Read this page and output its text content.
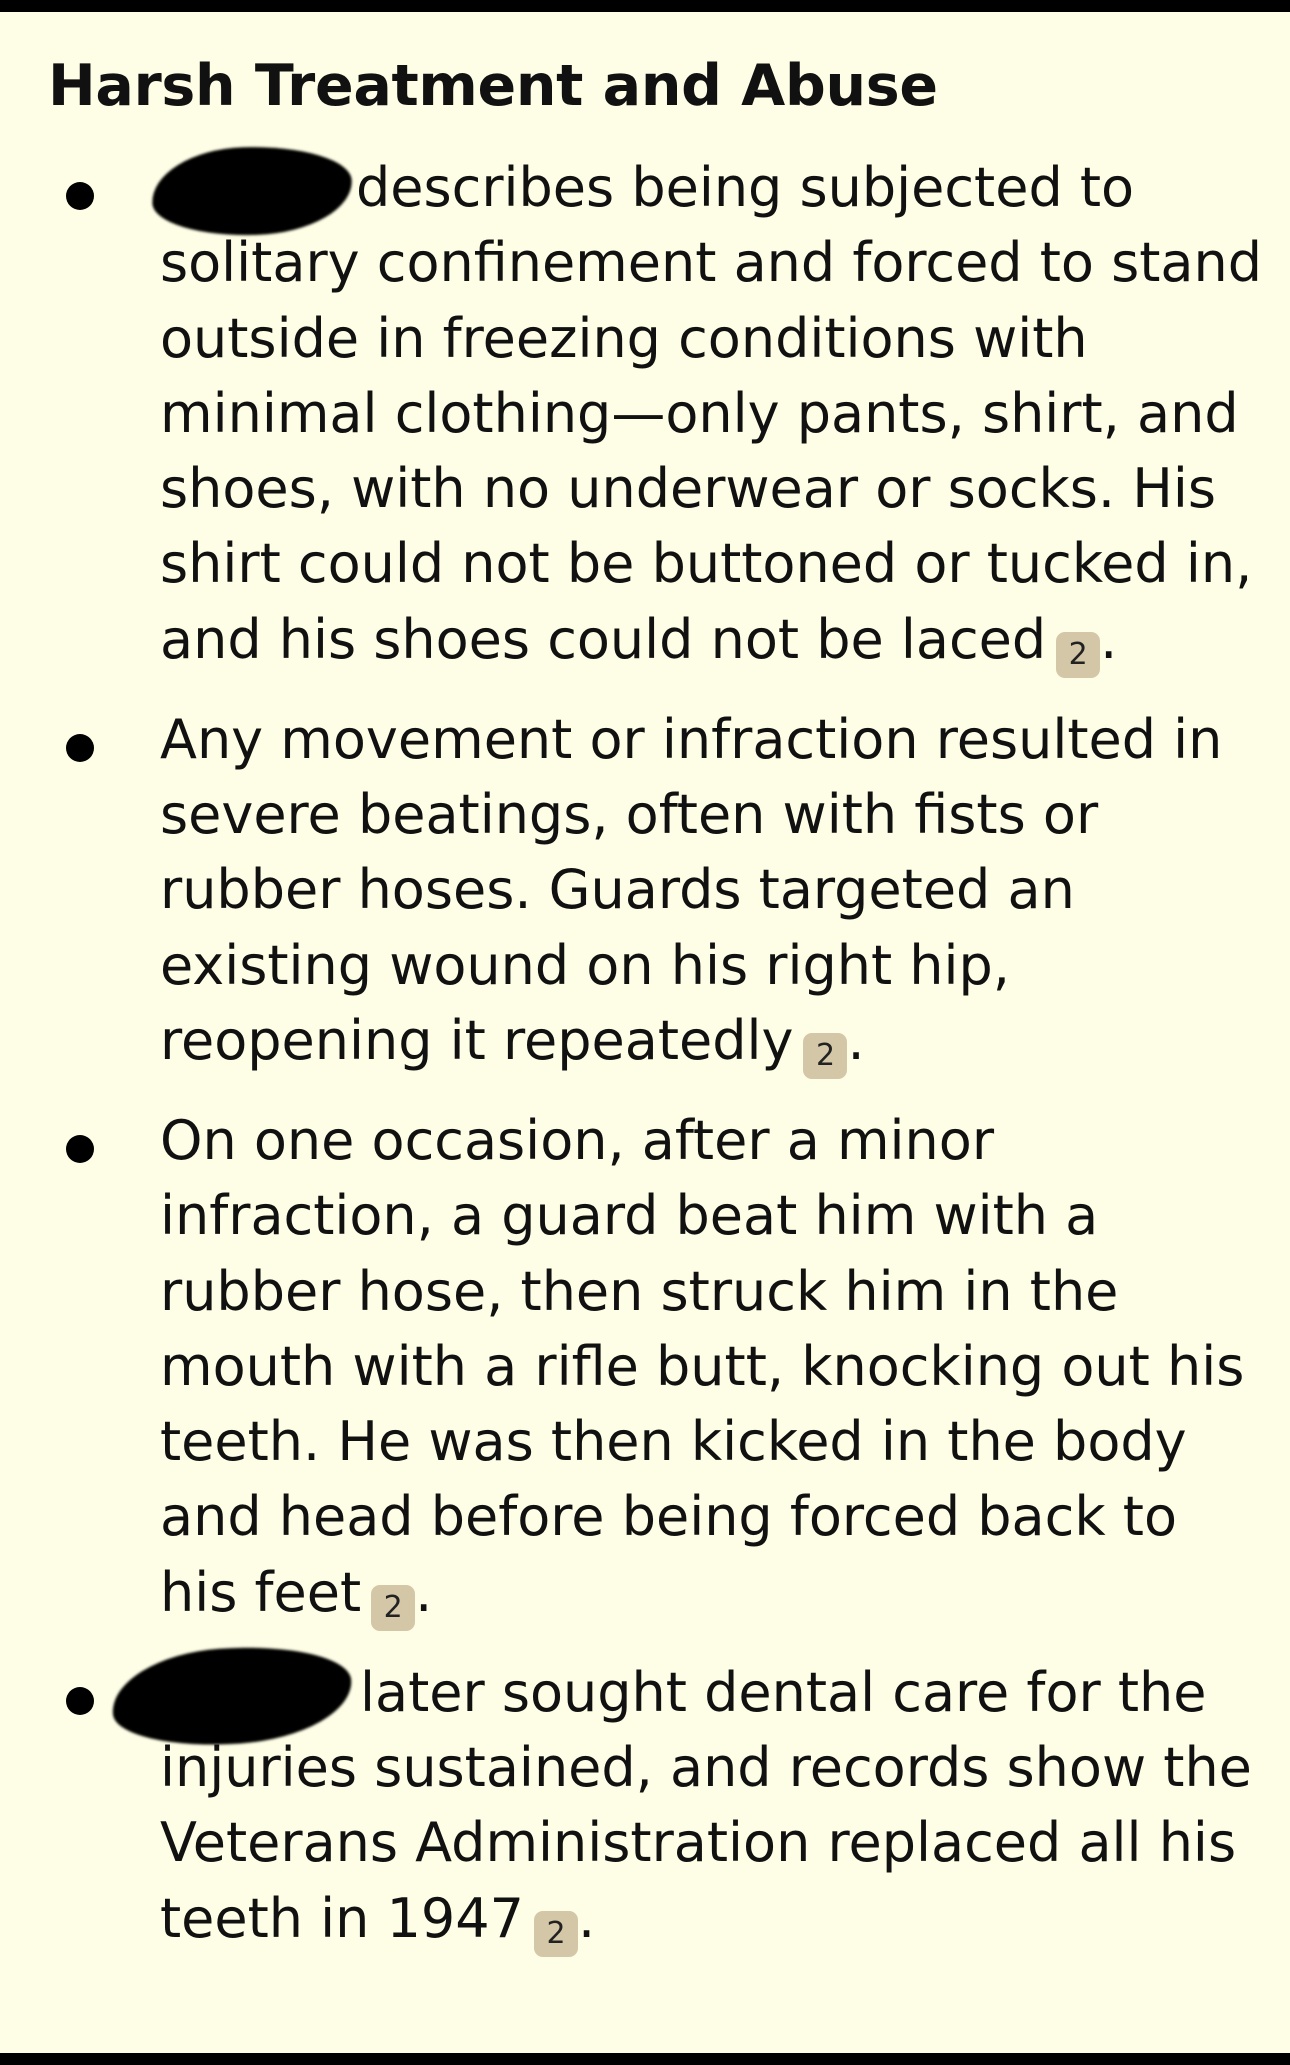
Harsh Treatment and Abuse
describes being subjected to solitary confinement and forced to stand outside in freezing conditions with minimal clothing—only pants, shirt, and shoes, with no underwear or socks. His shirt could not be buttoned or tucked in, and his shoes could not be laced 2 .
Any movement or infraction resulted in severe beatings, often with fists or rubber hoses. Guards targeted an existing wound on his right hip, reopening it repeatedly 2 .
On one occasion, after a minor infraction, a guard beat him with a rubber hose, then struck him in the mouth with a rifle butt, knocking out his teeth. He was then kicked in the body and head before being forced back to his feet 2 .
later sought dental care for the injuries sustained, and records show the Veterans Administration replaced all his teeth in 1947 2 .
